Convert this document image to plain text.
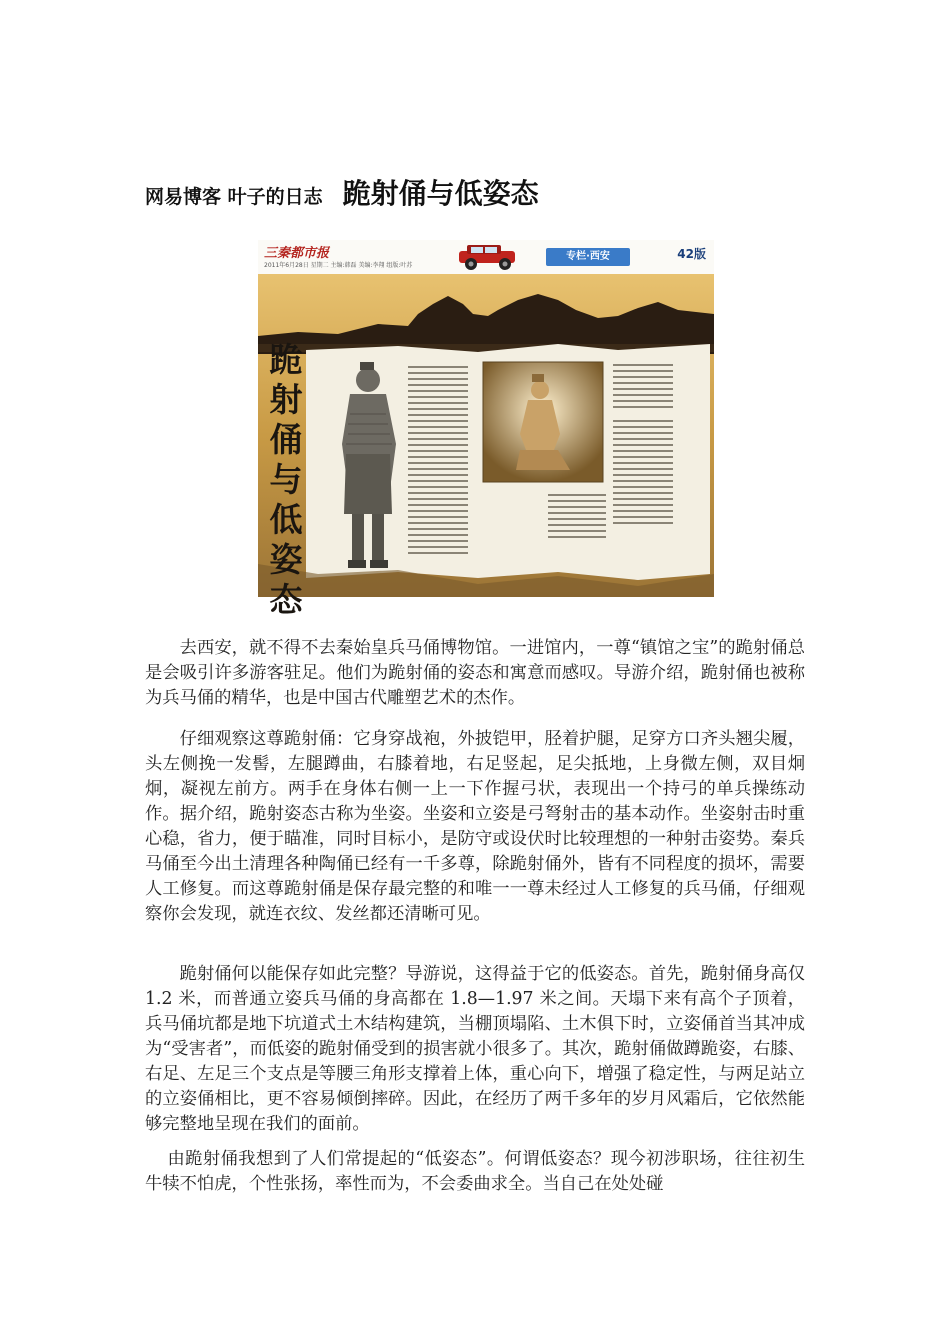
网易博客 叶子的日志 跪射俑与低姿态
三秦都市报
2011年6月28日 星期二 主编:韩磊 美编:李翔 组版:叶苏
专栏·西安	42版
跪
射
俑
与
低
姿
态

去西安，就不得不去秦始皇兵马俑博物馆。一进馆内，一尊“镇馆之宝”的跪射俑总是会吸引许多游客驻足。他们为跪射俑的姿态和寓意而感叹。导游介绍，跪射俑也被称为兵马俑的精华，也是中国古代雕塑艺术的杰作。

仔细观察这尊跪射俑：它身穿战袍，外披铠甲，胫着护腿，足穿方口齐头翘尖履，头左侧挽一发髻，左腿蹲曲，右膝着地，右足竖起，足尖抵地，上身微左侧，双目炯炯，凝视左前方。两手在身体右侧一上一下作握弓状，表现出一个持弓的单兵操练动作。据介绍，跪射姿态古称为坐姿。坐姿和立姿是弓弩射击的基本动作。坐姿射击时重心稳，省力，便于瞄准，同时目标小，是防守或设伏时比较理想的一种射击姿势。秦兵马俑至今出土清理各种陶俑已经有一千多尊，除跪射俑外，皆有不同程度的损坏，需要人工修复。而这尊跪射俑是保存最完整的和唯一一尊未经过人工修复的兵马俑，仔细观察你会发现，就连衣纹、发丝都还清晰可见。

跪射俑何以能保存如此完整？导游说，这得益于它的低姿态。首先，跪射俑身高仅 1.2 米，而普通立姿兵马俑的身高都在 1.8—1.97 米之间。天塌下来有高个子顶着，兵马俑坑都是地下坑道式土木结构建筑，当棚顶塌陷、土木俱下时，立姿俑首当其冲成为“受害者”，而低姿的跪射俑受到的损害就小很多了。其次，跪射俑做蹲跪姿，右膝、右足、左足三个支点是等腰三角形支撑着上体，重心向下，增强了稳定性，与两足站立的立姿俑相比，更不容易倾倒摔碎。因此，在经历了两千多年的岁月风霜后，它依然能够完整地呈现在我们的面前。

由跪射俑我想到了人们常提起的“低姿态”。何谓低姿态？现今初涉职场，往往初生牛犊不怕虎，个性张扬，率性而为，不会委曲求全。当自己在处处碰
